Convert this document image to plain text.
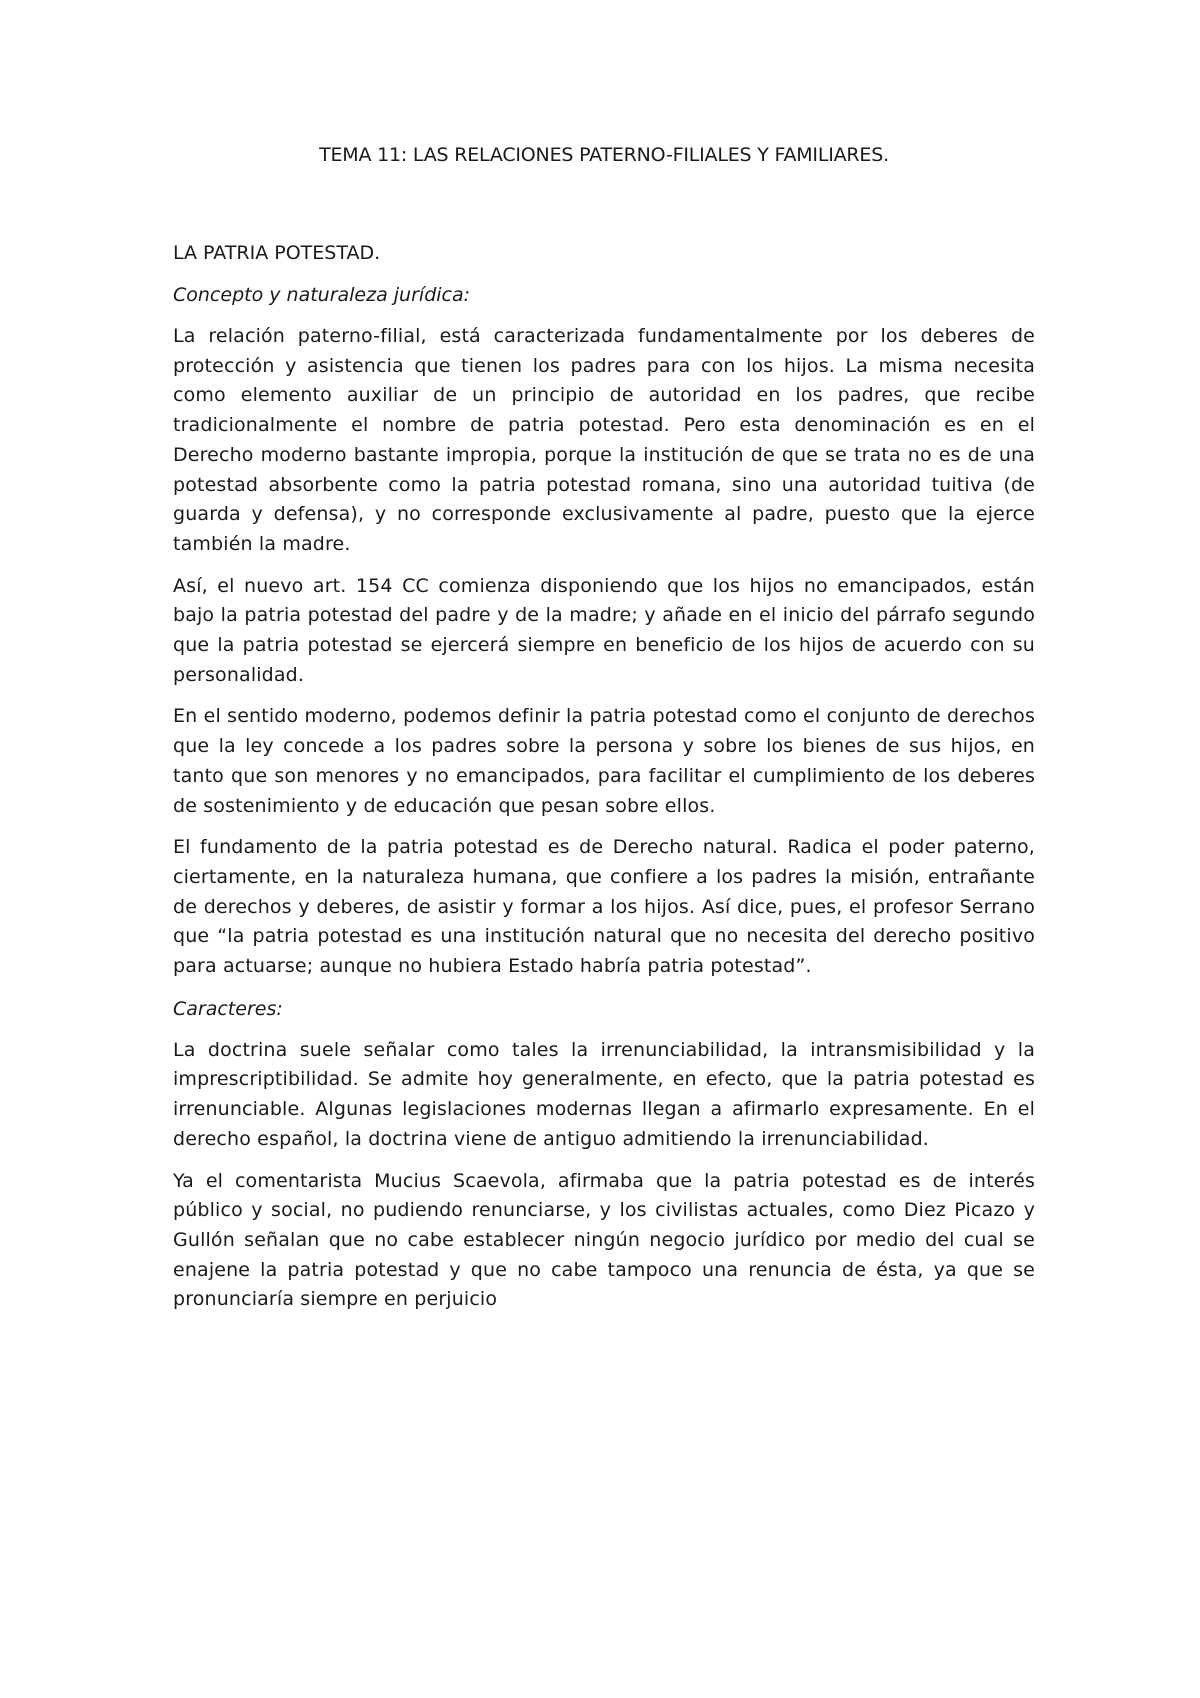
TEMA 11: LAS RELACIONES PATERNO-FILIALES Y FAMILIARES.
LA PATRIA POTESTAD.

Concepto y naturaleza jurídica:

La relación paterno-filial, está caracterizada fundamentalmente por los deberes de protección y asistencia que tienen los padres para con los hijos. La misma necesita como elemento auxiliar de un principio de autoridad en los padres, que recibe tradicionalmente el nombre de patria potestad. Pero esta denominación es en el Derecho moderno bastante impropia, porque la institución de que se trata no es de una potestad absorbente como la patria potestad romana, sino una autoridad tuitiva (de guarda y defensa), y no corresponde exclusivamente al padre, puesto que la ejerce también la madre.

Así, el nuevo art. 154 CC comienza disponiendo que los hijos no emancipados, están bajo la patria potestad del padre y de la madre; y añade en el inicio del párrafo segundo que la patria potestad se ejercerá siempre en beneficio de los hijos de acuerdo con su personalidad.

En el sentido moderno, podemos definir la patria potestad como el conjunto de derechos que la ley concede a los padres sobre la persona y sobre los bienes de sus hijos, en tanto que son menores y no emancipados, para facilitar el cumplimiento de los deberes de sostenimiento y de educación que pesan sobre ellos.

El fundamento de la patria potestad es de Derecho natural. Radica el poder paterno, ciertamente, en la naturaleza humana, que confiere a los padres la misión, entrañante de derechos y deberes, de asistir y formar a los hijos. Así dice, pues, el profesor Serrano que “la patria potestad es una institución natural que no necesita del derecho positivo para actuarse; aunque no hubiera Estado habría patria potestad”.

Caracteres:

La doctrina suele señalar como tales la irrenunciabilidad, la intransmisibilidad y la imprescriptibilidad. Se admite hoy generalmente, en efecto, que la patria potestad es irrenunciable. Algunas legislaciones modernas llegan a afirmarlo expresamente. En el derecho español, la doctrina viene de antiguo admitiendo la irrenunciabilidad.

Ya el comentarista Mucius Scaevola, afirmaba que la patria potestad es de interés público y social, no pudiendo renunciarse, y los civilistas actuales, como Diez Picazo y Gullón señalan que no cabe establecer ningún negocio jurídico por medio del cual se enajene la patria potestad y que no cabe tampoco una renuncia de ésta, ya que se pronunciaría siempre en perjuicio
